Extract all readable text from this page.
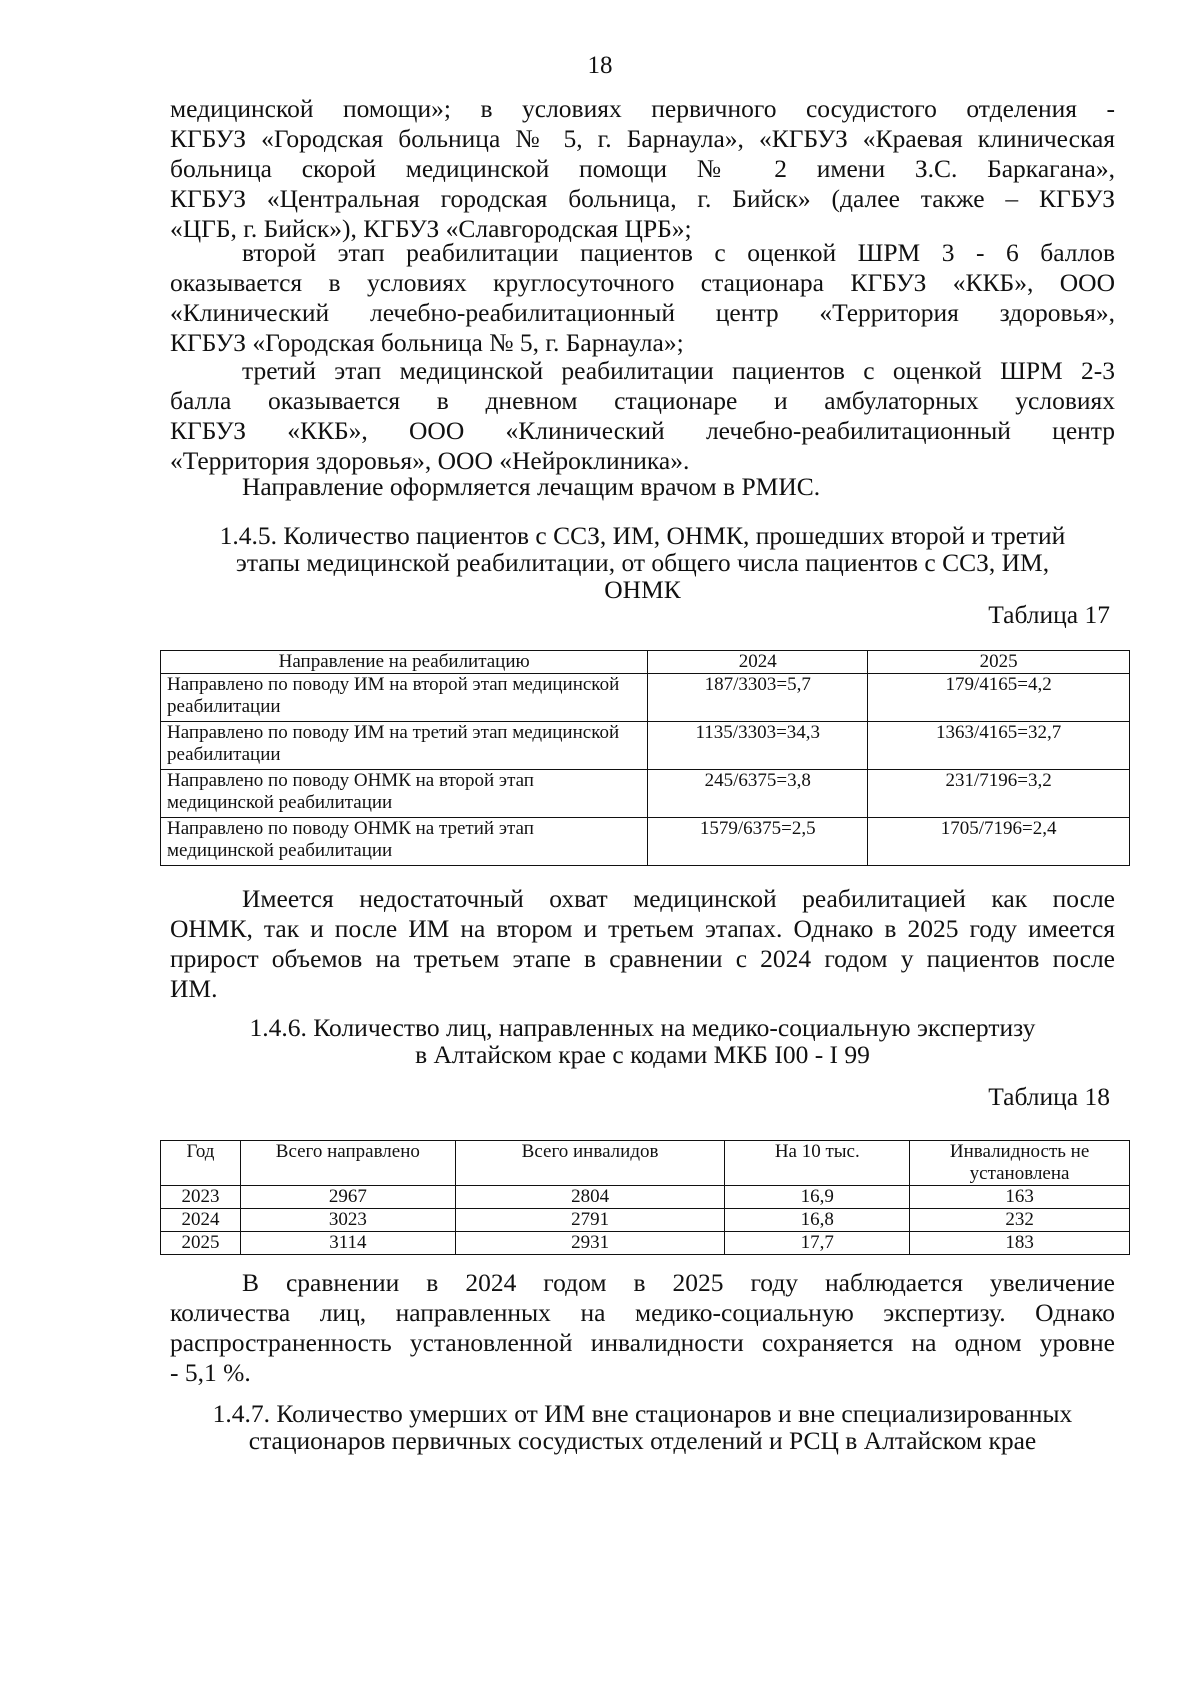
18
медицинской помощи»; в условиях первичного сосудистого отделения -
КГБУЗ «Городская больница № 5, г. Барнаула», «КГБУЗ «Краевая клиническая
больница скорой медицинской помощи № 2 имени З.С. Баркагана»,
КГБУЗ «Центральная городская больница, г. Бийск» (далее также – КГБУЗ
«ЦГБ, г. Бийск»), КГБУЗ «Славгородская ЦРБ»;
второй этап реабилитации пациентов с оценкой ШРМ 3 - 6 баллов
оказывается в условиях круглосуточного стационара КГБУЗ «ККБ», ООО
«Клинический лечебно-реабилитационный центр «Территория здоровья»,
КГБУЗ «Городская больница № 5, г. Барнаула»;
третий этап медицинской реабилитации пациентов с оценкой ШРМ 2-3
балла оказывается в дневном стационаре и амбулаторных условиях
КГБУЗ «ККБ», ООО «Клинический лечебно-реабилитационный центр
«Территория здоровья», ООО «Нейроклиника».
Направление оформляется лечащим врачом в РМИС.
1.4.5. Количество пациентов с ССЗ, ИМ, ОНМК, прошедших второй и третий
этапы медицинской реабилитации, от общего числа пациентов с ССЗ, ИМ,
ОНМК
Таблица 17
Направление на реабилитацию	2024	2025
Направлено по поводу ИМ на второй этап медицинской реабилитации	187/3303=5,7	179/4165=4,2
Направлено по поводу ИМ на третий этап медицинской реабилитации	1135/3303=34,3	1363/4165=32,7
Направлено по поводу ОНМК на второй этап медицинской реабилитации	245/6375=3,8	231/7196=3,2
Направлено по поводу ОНМК на третий этап медицинской реабилитации	1579/6375=2,5	1705/7196=2,4
Имеется недостаточный охват медицинской реабилитацией как после
ОНМК, так и после ИМ на втором и третьем этапах. Однако в 2025 году имеется
прирост объемов на третьем этапе в сравнении с 2024 годом у пациентов после
ИМ.
1.4.6. Количество лиц, направленных на медико-социальную экспертизу
в Алтайском крае с кодами МКБ I00 - I 99
Таблица 18
Год	Всего направлено	Всего инвалидов	На 10 тыс.	Инвалидность не установлена
2023	2967	2804	16,9	163
2024	3023	2791	16,8	232
2025	3114	2931	17,7	183
В сравнении в 2024 годом в 2025 году наблюдается увеличение
количества лиц, направленных на медико-социальную экспертизу. Однако
распространенность установленной инвалидности сохраняется на одном уровне
- 5,1 %.
1.4.7. Количество умерших от ИМ вне стационаров и вне специализированных
стационаров первичных сосудистых отделений и РСЦ в Алтайском крае
